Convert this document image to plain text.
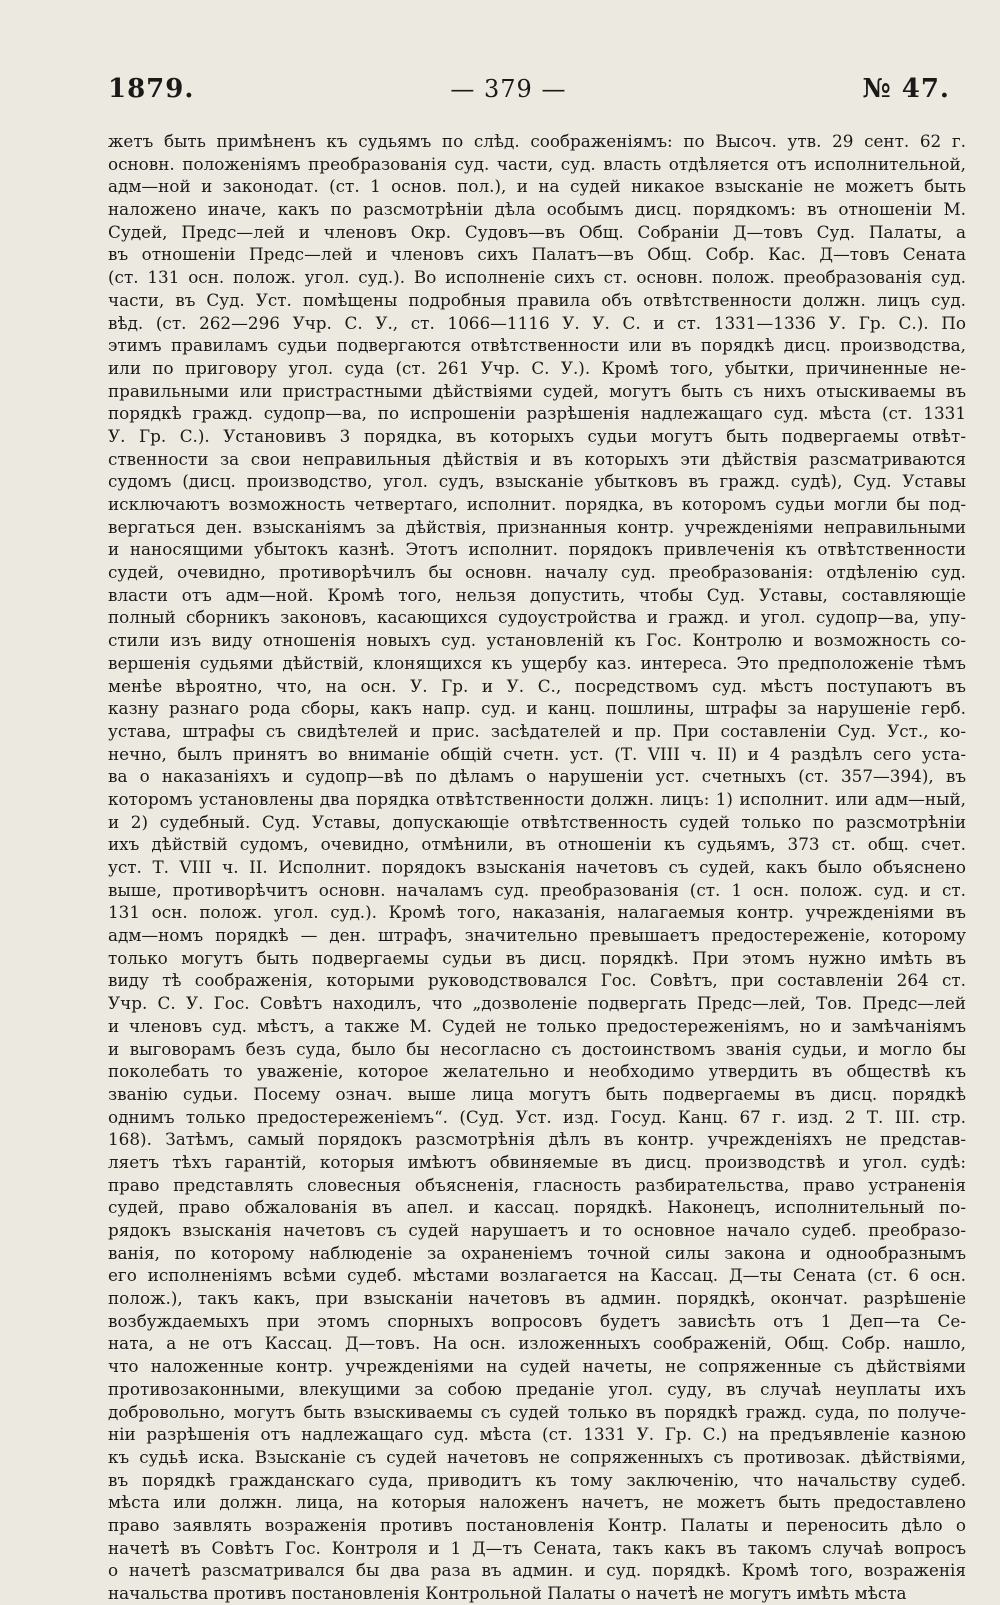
1879.	— 379 —	№ 47.
жетъ быть примѣненъ къ судьямъ по слѣд. соображеніямъ: по Высоч. утв. 29 сент. 62 г.
основн. положеніямъ преобразованія суд. части, суд. власть отдѣляется отъ исполнительной,
адм—ной и законодат. (ст. 1 основ. пол.), и на судей никакое взысканіе не можетъ быть
наложено иначе, какъ по разсмотрѣніи дѣла особымъ дисц. порядкомъ: въ отношеніи М.
Судей, Предс—лей и членовъ Окр. Судовъ—въ Общ. Собраніи Д—товъ Суд. Палаты, а
въ отношеніи Предс—лей и членовъ сихъ Палатъ—въ Общ. Собр. Кас. Д—товъ Сената
(ст. 131 осн. полож. угол. суд.). Во исполненіе сихъ ст. основн. полож. преобразованія суд.
части, въ Суд. Уст. помѣщены подробныя правила объ отвѣтственности должн. лицъ суд.
вѣд. (ст. 262—296 Учр. С. У., ст. 1066—1116 У. У. С. и ст. 1331—1336 У. Гр. С.). По
этимъ правиламъ судьи подвергаются отвѣтственности или въ порядкѣ дисц. производства,
или по приговору угол. суда (ст. 261 Учр. С. У.). Кромѣ того, убытки, причиненные не-
правильными или пристрастными дѣйствіями судей, могутъ быть съ нихъ отыскиваемы въ
порядкѣ гражд. судопр—ва, по испрошеніи разрѣшенія надлежащаго суд. мѣста (ст. 1331
У. Гр. С.). Установивъ 3 порядка, въ которыхъ судьи могутъ быть подвергаемы отвѣт-
ственности за свои неправильныя дѣйствія и въ которыхъ эти дѣйствія разсматриваются
судомъ (дисц. производство, угол. судъ, взысканіе убытковъ въ гражд. судѣ), Суд. Уставы
исключаютъ возможность четвертаго, исполнит. порядка, въ которомъ судьи могли бы под-
вергаться ден. взысканіямъ за дѣйствія, признанныя контр. учрежденіями неправильными
и наносящими убытокъ казнѣ. Этотъ исполнит. порядокъ привлеченія къ отвѣтственности
судей, очевидно, противорѣчилъ бы основн. началу суд. преобразованія: отдѣленію суд.
власти отъ адм—ной. Кромѣ того, нельзя допустить, чтобы Суд. Уставы, составляющіе
полный сборникъ законовъ, касающихся судоустройства и гражд. и угол. судопр—ва, упу-
стили изъ виду отношенія новыхъ суд. установленій къ Гос. Контролю и возможность со-
вершенія судьями дѣйствій, клонящихся къ ущербу каз. интереса. Это предположеніе тѣмъ
менѣе вѣроятно, что, на осн. У. Гр. и У. С., посредствомъ суд. мѣстъ поступаютъ въ
казну разнаго рода сборы, какъ напр. суд. и канц. пошлины, штрафы за нарушеніе герб.
устава, штрафы съ свидѣтелей и прис. засѣдателей и пр. При составленіи Суд. Уст., ко-
нечно, былъ принятъ во вниманіе общій счетн. уст. (Т. VIII ч. II) и 4 раздѣлъ сего уста-
ва о наказаніяхъ и судопр—вѣ по дѣламъ о нарушеніи уст. счетныхъ (ст. 357—394), въ
которомъ установлены два порядка отвѣтственности должн. лицъ: 1) исполнит. или адм—ный,
и 2) судебный. Суд. Уставы, допускающіе отвѣтственность судей только по разсмотрѣніи
ихъ дѣйствій судомъ, очевидно, отмѣнили, въ отношеніи къ судьямъ, 373 ст. общ. счет.
уст. Т. VIII ч. II. Исполнит. порядокъ взысканія начетовъ съ судей, какъ было объяснено
выше, противорѣчитъ основн. началамъ суд. преобразованія (ст. 1 осн. полож. суд. и ст.
131 осн. полож. угол. суд.). Кромѣ того, наказанія, налагаемыя контр. учрежденіями въ
адм—номъ порядкѣ — ден. штрафъ, значительно превышаетъ предостереженіе, которому
только могутъ быть подвергаемы судьи въ дисц. порядкѣ. При этомъ нужно имѣть въ
виду тѣ соображенія, которыми руководствовался Гос. Совѣтъ, при составленіи 264 ст.
Учр. С. У. Гос. Совѣтъ находилъ, что „дозволеніе подвергать Предс—лей, Тов. Предс—лей
и членовъ суд. мѣстъ, а также М. Судей не только предостереженіямъ, но и замѣчаніямъ
и выговорамъ безъ суда, было бы несогласно съ достоинствомъ званія судьи, и могло бы
поколебать то уваженіе, которое желательно и необходимо утвердить въ обществѣ къ
званію судьи. Посему означ. выше лица могутъ быть подвергаемы въ дисц. порядкѣ
однимъ только предостереженіемъ“. (Суд. Уст. изд. Госуд. Канц. 67 г. изд. 2 Т. III. стр.
168). Затѣмъ, самый порядокъ разсмотрѣнія дѣлъ въ контр. учрежденіяхъ не представ-
ляетъ тѣхъ гарантій, которыя имѣютъ обвиняемые въ дисц. производствѣ и угол. судѣ:
право представлять словесныя объясненія, гласность разбирательства, право устраненія
судей, право обжалованія въ апел. и кассац. порядкѣ. Наконецъ, исполнительный по-
рядокъ взысканія начетовъ съ судей нарушаетъ и то основное начало судеб. преобразо-
ванія, по которому наблюденіе за охраненіемъ точной силы закона и однообразнымъ
его исполненіямъ всѣми судеб. мѣстами возлагается на Кассац. Д—ты Сената (ст. 6 осн.
полож.), такъ какъ, при взысканіи начетовъ въ админ. порядкѣ, окончат. разрѣшеніе
возбуждаемыхъ при этомъ спорныхъ вопросовъ будетъ зависѣть отъ 1 Деп—та Се-
ната, а не отъ Кассац. Д—товъ. На осн. изложенныхъ соображеній, Общ. Собр. нашло,
что наложенные контр. учрежденіями на судей начеты, не сопряженные съ дѣйствіями
противозаконными, влекущими за собою преданіе угол. суду, въ случаѣ неуплаты ихъ
добровольно, могутъ быть взыскиваемы съ судей только въ порядкѣ гражд. суда, по получе-
ніи разрѣшенія отъ надлежащаго суд. мѣста (ст. 1331 У. Гр. С.) на предъявленіе казною
къ судьѣ иска. Взысканіе съ судей начетовъ не сопряженныхъ съ противозак. дѣйствіями,
въ порядкѣ гражданскаго суда, приводитъ къ тому заключенію, что начальству судеб.
мѣста или должн. лица, на которыя наложенъ начетъ, не можетъ быть предоставлено
право заявлять возраженія противъ постановленія Контр. Палаты и переносить дѣло о
начетѣ въ Совѣтъ Гос. Контроля и 1 Д—тъ Сената, такъ какъ въ такомъ случаѣ вопросъ
о начетѣ разсматривался бы два раза въ админ. и суд. порядкѣ. Кромѣ того, возраженія
начальства противъ постановленія Контрольной Палаты о начетѣ не могутъ имѣть мѣста
